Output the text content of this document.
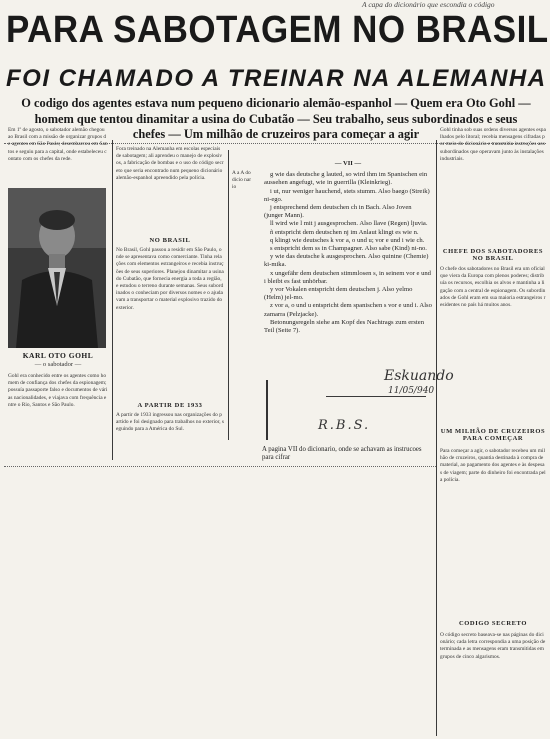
A capa do dicionário que escondia o código
PARA SABOTAGEM NO BRASIL
FOI CHAMADO A TREINAR NA ALEMANHA
O codigo dos agentes estava num pequeno dicionario alemão-espanhol — Quem era Oto Gohl —
homem que tentou dinamitar a usina do Cubatão — Seu trabalho, seus subordinados e seus
chefes — Um milhão de cruzeiros para começar a agir
Em 1º de agosto, o sabotador alemão chegou ao Brasil com a missão de organizar grupos de agentes em São Paulo; desembarcou em Santos e seguiu para a capital, onde estabeleceu contato com os chefes da rede.
Fora treinado na Alemanha em escolas especiais de sabotagem; ali aprendeu o manejo de explosivos, a fabricação de bombas e o uso do código secreto que seria encontrado num pequeno dicionário alemão-espanhol apreendido pela polícia.
NO BRASIL
No Brasil, Gohl passou a residir em São Paulo, onde se apresentava como comerciante. Tinha relações com elementos estrangeiros e recebia instruções de seus superiores. Planejou dinamitar a usina do Cubatão, que fornecia energia a toda a região, e estudou o terreno durante semanas. Seus subordinados o conheciam por diversos nomes e o ajudavam a transportar o material explosivo trazido do exterior.
A PARTIR DE 1933
A partir de 1933 ingressou nas organizações do partido e foi designado para trabalhos no exterior, seguindo para a América do Sul.
KARL OTO GOHL
— o sabotador —
Gohl era conhecido entre os agentes como homem de confiança dos chefes da espionagem; possuía passaporte falso e documentos de várias nacionalidades, e viajava com frequência entre o Rio, Santos e São Paulo.
A a A do dicio nario

— VII —

g wie das deutsche g lauted, so wird ihm im Spanischen ein aussehen angefugt, wie in guerrilla (Kleinkrieg).

i ut, nur weniger hauchend, stets stumm. Also baego (Streik) ni-ego.

j entsprechend dem deutschen ch in Bach. Also Joven (junger Mann).

ll wird wie l mit j ausgesprochen. Also llave (Regen) ljuvia.

ñ entspricht dem deutschen nj im Anlaut klingt es wie n.

q klingt wie deutsches k vor a, o und u; vor e und i wie ch.

s entspricht dem ss in Champagner. Also sabe (Kind) ni-no.

y wie das deutsche k ausgesprochen. Also quinine (Chemie) ki-mika.

x ungefähr dem deutschen stimmlosen s, in seinem vor e und i bleibt es fast unhörbar.

y vor Vokalen entspricht dem deutschen j. Also yelmo (Helm) jel-mo.

z vor a, o und u entspricht dem spanischen s vor e und i. Also zamarra (Pelzjacke).

Betonungsregeln siehe am Kopf des Nachtrags zum ersten Teil (Seite 7).

Eskuando
11/05/940
R.B.S.
A pagina VII do dicionario, onde se achavam as instrucoes para cifrar
Gohl tinha sob suas ordens diversos agentes espalhados pelo litoral; recebia mensagens cifradas por meio do dicionário e transmitia instruções aos subordinados que operavam junto às instalações industriais.
CHEFE DOS SABOTADORES NO BRASIL
O chefe dos sabotadores no Brasil era um oficial que viera da Europa com plenos poderes; distribuía os recursos, escolhia os alvos e mantinha a ligação com a central de espionagem. Os subordinados de Gohl eram em sua maioria estrangeiros residentes no país há muitos anos.
UM MILHÃO DE CRUZEIROS PARA COMEÇAR
Para começar a agir, o sabotador recebeu um milhão de cruzeiros, quantia destinada à compra de material, ao pagamento dos agentes e às despesas de viagem; parte do dinheiro foi encontrada pela polícia.
CODIGO SECRETO
O código secreto baseava-se nas páginas do dicionário; cada letra correspondia a uma posição determinada e as mensagens eram transmitidas em grupos de cinco algarismos.
